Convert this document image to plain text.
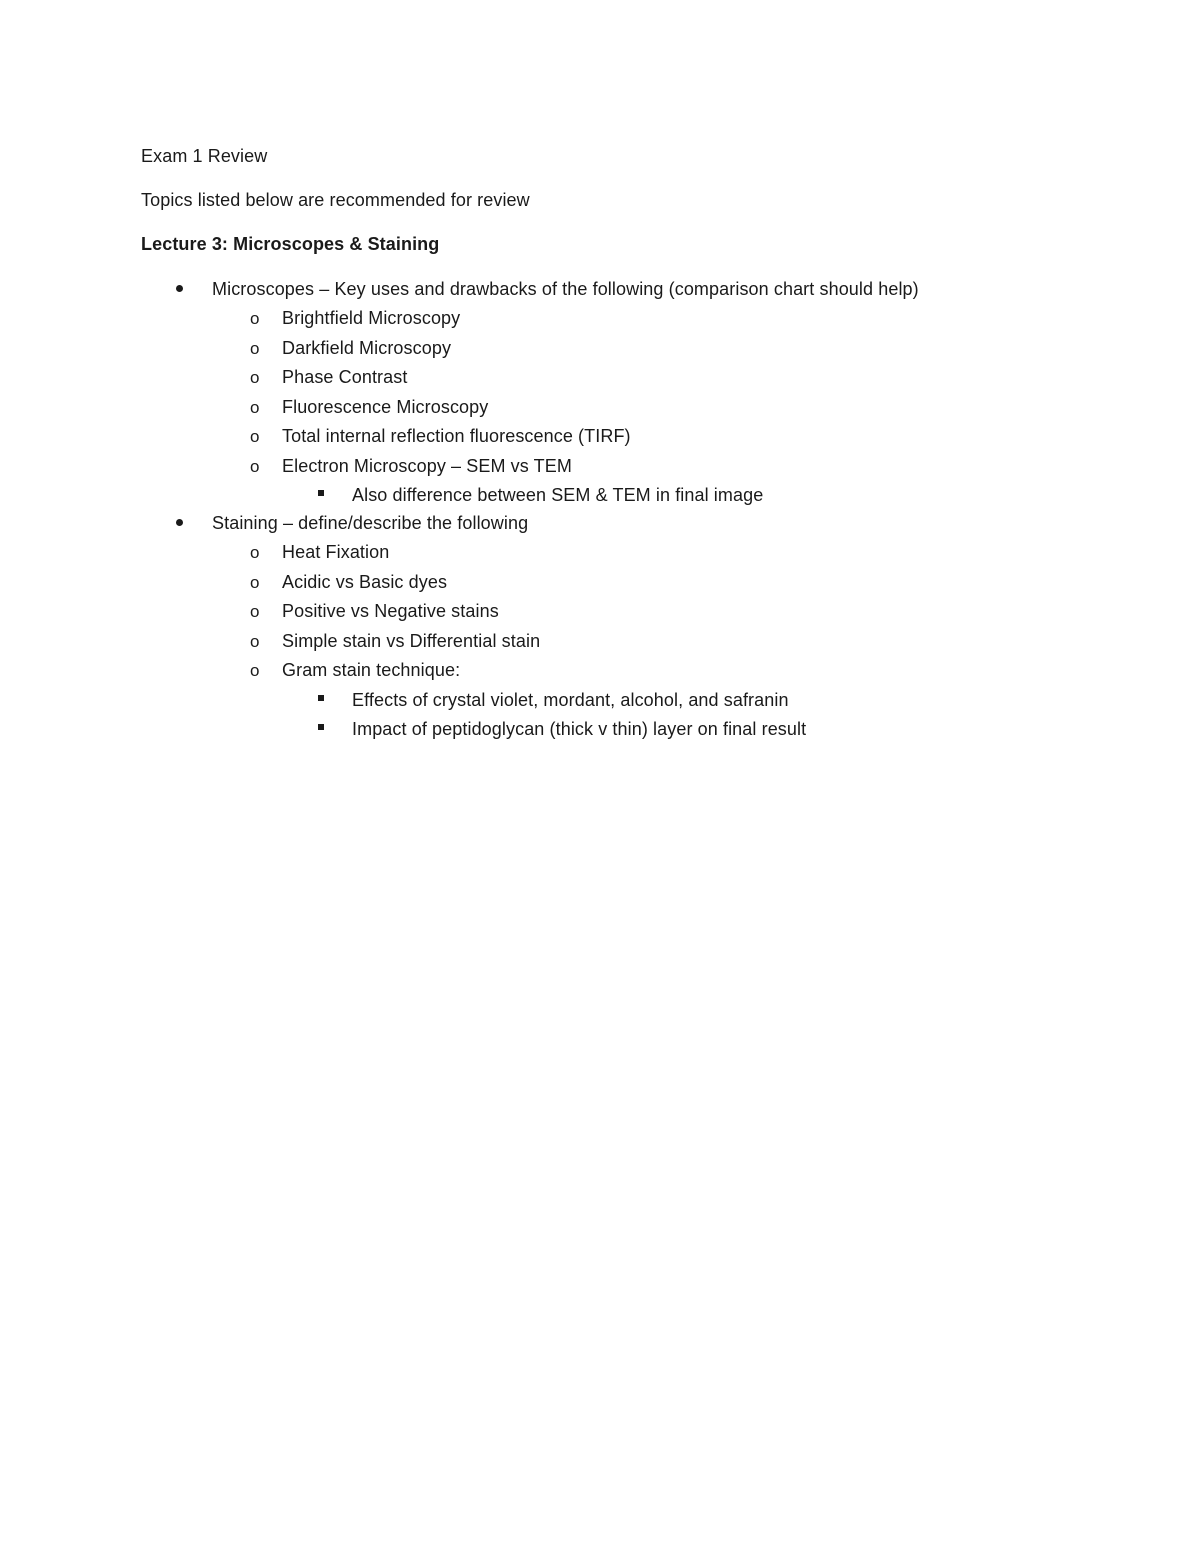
Exam 1 Review
Topics listed below are recommended for review
Lecture 3: Microscopes & Staining
Microscopes – Key uses and drawbacks of the following (comparison chart should help)
o Brightfield Microscopy
o Darkfield Microscopy
o Phase Contrast
o Fluorescence Microscopy
o Total internal reflection fluorescence (TIRF)
o Electron Microscopy – SEM vs TEM
Also difference between SEM & TEM in final image
Staining – define/describe the following
o Heat Fixation
o Acidic vs Basic dyes
o Positive vs Negative stains
o Simple stain vs Differential stain
o Gram stain technique:
Effects of crystal violet, mordant, alcohol, and safranin
Impact of peptidoglycan (thick v thin) layer on final result
